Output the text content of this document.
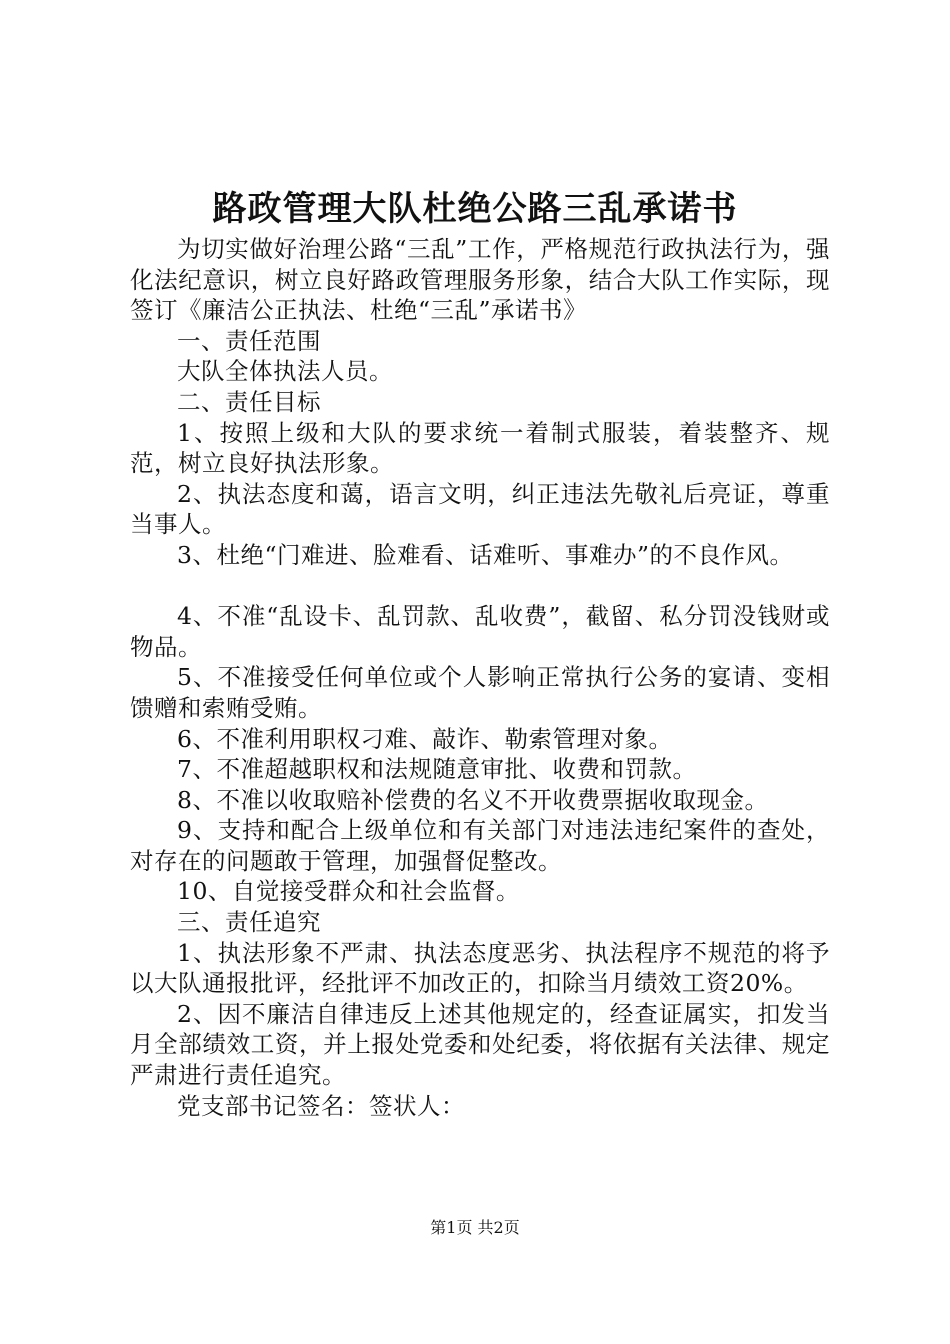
路政管理大队杜绝公路三乱承诺书

为切实做好治理公路“三乱”工作，严格规范行政执法行为，强化法纪意识，树立良好路政管理服务形象，结合大队工作实际，现签订《廉洁公正执法、杜绝“三乱”承诺书》

一、责任范围

大队全体执法人员。

二、责任目标

1、按照上级和大队的要求统一着制式服装，着装整齐、规范，树立良好执法形象。

2、执法态度和蔼，语言文明，纠正违法先敬礼后亮证，尊重当事人。

3、杜绝“门难进、脸难看、话难听、事难办”的不良作风。

4、不准“乱设卡、乱罚款、乱收费”，截留、私分罚没钱财或物品。

5、不准接受任何单位或个人影响正常执行公务的宴请、变相馈赠和索贿受贿。

6、不准利用职权刁难、敲诈、勒索管理对象。

7、不准超越职权和法规随意审批、收费和罚款。

8、不准以收取赔补偿费的名义不开收费票据收取现金。

9、支持和配合上级单位和有关部门对违法违纪案件的查处，对存在的问题敢于管理，加强督促整改。

10、自觉接受群众和社会监督。

三、责任追究

1、执法形象不严肃、执法态度恶劣、执法程序不规范的将予以大队通报批评，经批评不加改正的，扣除当月绩效工资20%。

2、因不廉洁自律违反上述其他规定的，经查证属实，扣发当月全部绩效工资，并上报处党委和处纪委，将依据有关法律、规定严肃进行责任追究。

党支部书记签名：签状人：

第1页 共2页
